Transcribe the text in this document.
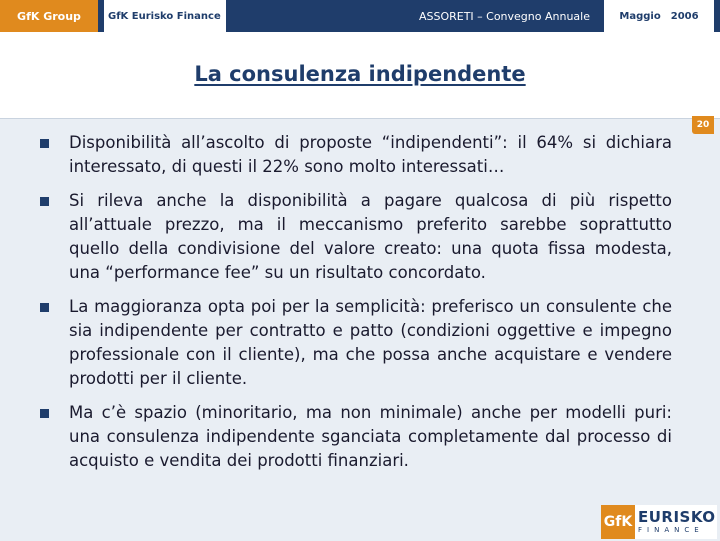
GfK Group	GfK Eurisko Finance	ASSORETI – Convegno Annuale	Maggio 2006
La consulenza indipendente
20
Disponibilità all’ascolto di proposte “indipendenti”: il 64% si dichiara interessato, di questi il 22% sono molto interessati…
Si rileva anche la disponibilità a pagare qualcosa di più rispetto all’attuale prezzo, ma il meccanismo preferito sarebbe soprattutto quello della condivisione del valore creato: una quota fissa modesta, una “performance fee” su un risultato concordato.
La maggioranza opta poi per la semplicità: preferisco un consulente che sia indipendente per contratto e patto (condizioni oggettive e impegno professionale con il cliente), ma che possa anche acquistare e vendere prodotti per il cliente.
Ma c’è spazio (minoritario, ma non minimale) anche per modelli puri: una consulenza indipendente sganciata completamente dal processo di acquisto e vendita dei prodotti finanziari.
GfK EURISKO
FINANCE
